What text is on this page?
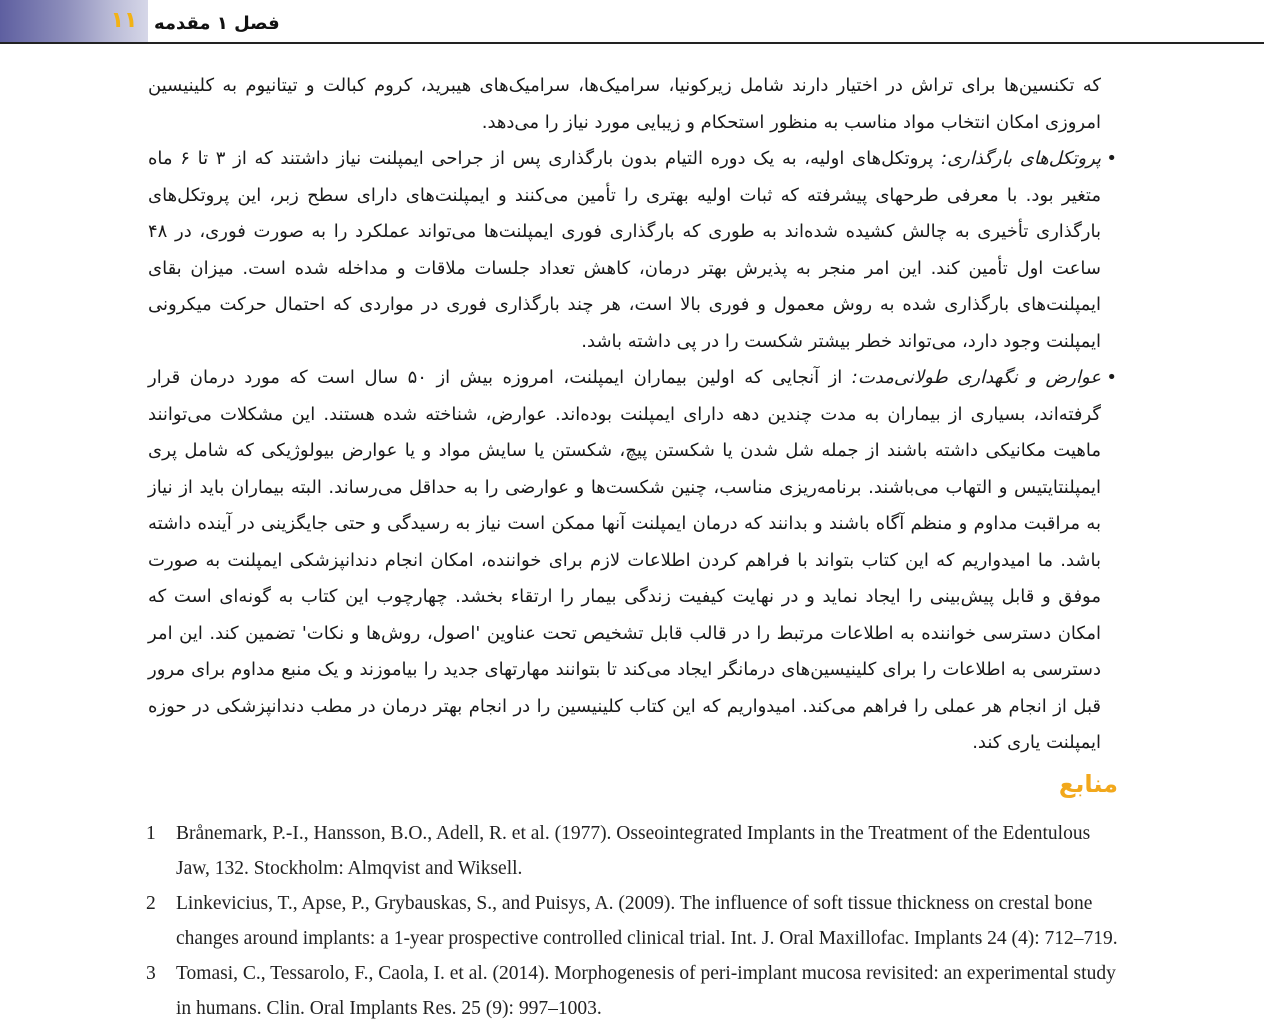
۱۱ فصل ۱ مقدمه

که تکنسین‌ها برای تراش در اختیار دارند شامل زیرکونیا، سرامیک‌ها، سرامیک‌های هیبرید، کروم کبالت و تیتانیوم به کلینیسین امروزی امکان انتخاب مواد مناسب به منظور استحکام و زیبایی مورد نیاز را می‌دهد.

•
پروتکل‌های بارگذاری: پروتکل‌های اولیه، به یک دوره التیام بدون بارگذاری پس از جراحی ایمپلنت نیاز داشتند که از ۳ تا ۶ ماه متغیر بود. با معرفی طرحهای پیشرفته که ثبات اولیه بهتری را تأمین می‌کنند و ایمپلنت‌های دارای سطح زبر، این پروتکل‌های بارگذاری تأخیری به چالش کشیده شده‌اند به طوری که بارگذاری فوری ایمپلنت‌ها می‌تواند عملکرد را به صورت فوری، در ۴۸ ساعت اول تأمین کند. این امر منجر به پذیرش بهتر درمان، کاهش تعداد جلسات ملاقات و مداخله شده است. میزان بقای ایمپلنت‌های بارگذاری شده به روش معمول و فوری بالا است، هر چند بارگذاری فوری در مواردی که احتمال حرکت میکرونی ایمپلنت وجود دارد، می‌تواند خطر بیشتر شکست را در پی داشته باشد.

•
عوارض و نگهداری طولانی‌مدت: از آنجایی که اولین بیماران ایمپلنت، امروزه بیش از ۵۰ سال است که مورد درمان قرار گرفته‌اند، بسیاری از بیماران به مدت چندین دهه دارای ایمپلنت بوده‌اند. عوارض، شناخته شده هستند. این مشکلات می‌توانند ماهیت مکانیکی داشته باشند از جمله شل شدن یا شکستن پیچ، شکستن یا سایش مواد و یا عوارض بیولوژیکی که شامل پری ایمپلنتایتیس و التهاب می‌باشند. برنامه‌ریزی مناسب، چنین شکست‌ها و عوارضی را به حداقل می‌رساند. البته بیماران باید از نیاز به مراقبت مداوم و منظم آگاه باشند و بدانند که درمان ایمپلنت آنها ممکن است نیاز به رسیدگی و حتی جایگزینی در آینده داشته باشد. ما امیدواریم که این کتاب بتواند با فراهم کردن اطلاعات لازم برای خواننده، امکان انجام دندانپزشکی ایمپلنت به صورت موفق و قابل پیش‌بینی را ایجاد نماید و در نهایت کیفیت زندگی بیمار را ارتقاء بخشد. چهارچوب این کتاب به گونه‌ای است که امکان دسترسی خواننده به اطلاعات مرتبط را در قالب قابل تشخیص تحت عناوین 'اصول، روش‌ها و نکات' تضمین کند. این امر دسترسی به اطلاعات را برای کلینیسین‌های درمانگر ایجاد می‌کند تا بتوانند مهارتهای جدید را بیاموزند و یک منبع مداوم برای مرور قبل از انجام هر عملی را فراهم می‌کند. امیدواریم که این کتاب کلینیسین را در انجام بهتر درمان در مطب دندانپزشکی در حوزه ایمپلنت یاری کند.

منابع
1 Brånemark, P.-I., Hansson, B.O., Adell, R. et al. (1977). Osseointegrated Implants in the Treatment of the Edentulous Jaw, 132. Stockholm: Almqvist and Wiksell.
2 Linkevicius, T., Apse, P., Grybauskas, S., and Puisys, A. (2009). The influence of soft tissue thickness on crestal bone changes around implants: a 1-year prospective controlled clinical trial. Int. J. Oral Maxillofac. Implants 24 (4): 712–719.
3 Tomasi, C., Tessarolo, F., Caola, I. et al. (2014). Morphogenesis of peri-implant mucosa revisited: an experimental study in humans. Clin. Oral Implants Res. 25 (9): 997–1003.
